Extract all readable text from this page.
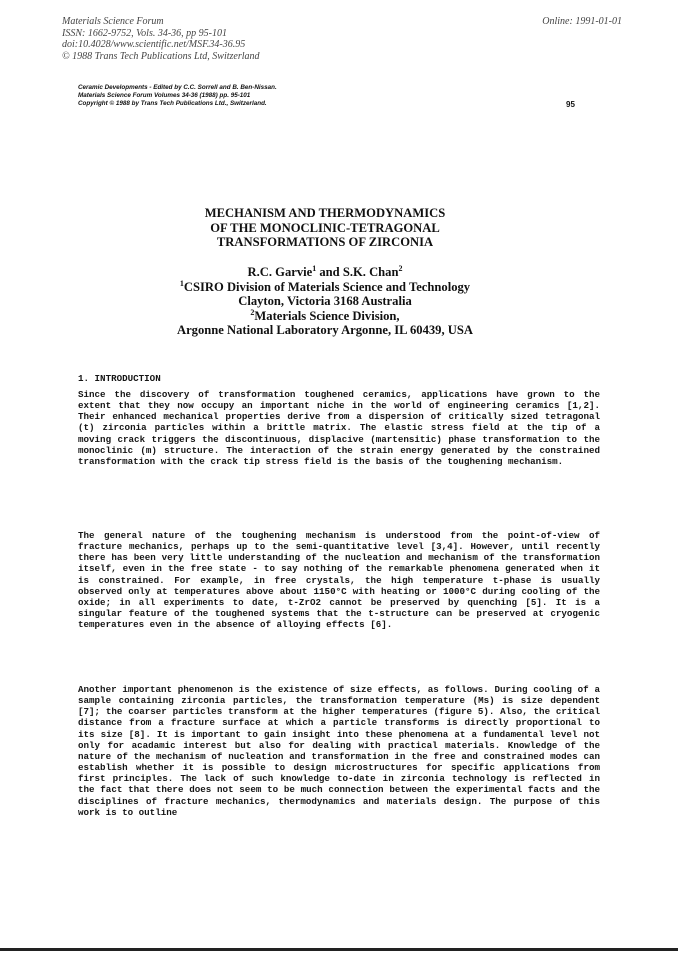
Materials Science Forum
ISSN: 1662-9752, Vols. 34-36, pp 95-101
doi:10.4028/www.scientific.net/MSF.34-36.95
© 1988 Trans Tech Publications Ltd, Switzerland
Online: 1991-01-01
Ceramic Developments - Edited by C.C. Sorrell and B. Ben-Nissan.
Materials Science Forum Volumes 34-36 (1988) pp. 95-101
Copyright © 1988 by Trans Tech Publications Ltd., Switzerland.	95
MECHANISM AND THERMODYNAMICS
OF THE MONOCLINIC-TETRAGONAL
TRANSFORMATIONS OF ZIRCONIA
R.C. Garvie$^1$ and S.K. Chan$^2$
$^1$CSIRO Division of Materials Science and Technology
Clayton, Victoria 3168 Australia
$^2$Materials Science Division,
Argonne National Laboratory Argonne, IL 60439, USA
1. INTRODUCTION
Since the discovery of transformation toughened ceramics, applications have grown to the extent that they now occupy an important niche in the world of engineering ceramics [1,2]. Their enhanced mechanical properties derive from a dispersion of critically sized tetragonal (t) zirconia particles within a brittle matrix. The elastic stress field at the tip of a moving crack triggers the discontinuous, displacive (martensitic) phase transformation to the monoclinic (m) structure. The interaction of the strain energy generated by the constrained transformation with the crack tip stress field is the basis of the toughening mechanism.
The general nature of the toughening mechanism is understood from the point-of-view of fracture mechanics, perhaps up to the semi-quantitative level [3,4]. However, until recently there has been very little understanding of the nucleation and mechanism of the transformation itself, even in the free state - to say nothing of the remarkable phenomena generated when it is constrained. For example, in free crystals, the high temperature t-phase is usually observed only at temperatures above about 1150°C with heating or 1000°C during cooling of the oxide; in all experiments to date, t-ZrO2 cannot be preserved by quenching [5]. It is a singular feature of the toughened systems that the t-structure can be preserved at cryogenic temperatures even in the absence of alloying effects [6].
Another important phenomenon is the existence of size effects, as follows. During cooling of a sample containing zirconia particles, the transformation temperature (Ms) is size dependent [7]; the coarser particles transform at the higher temperatures (figure 5). Also, the critical distance from a fracture surface at which a particle transforms is directly proportional to its size [8]. It is important to gain insight into these phenomena at a fundamental level not only for acadamic interest but also for dealing with practical materials. Knowledge of the nature of the mechanism of nucleation and transformation in the free and constrained modes can establish whether it is possible to design microstructures for specific applications from first principles. The lack of such knowledge to-date in zirconia technology is reflected in the fact that there does not seem to be much connection between the experimental facts and the disciplines of fracture mechanics, thermodynamics and materials design. The purpose of this work is to outline
